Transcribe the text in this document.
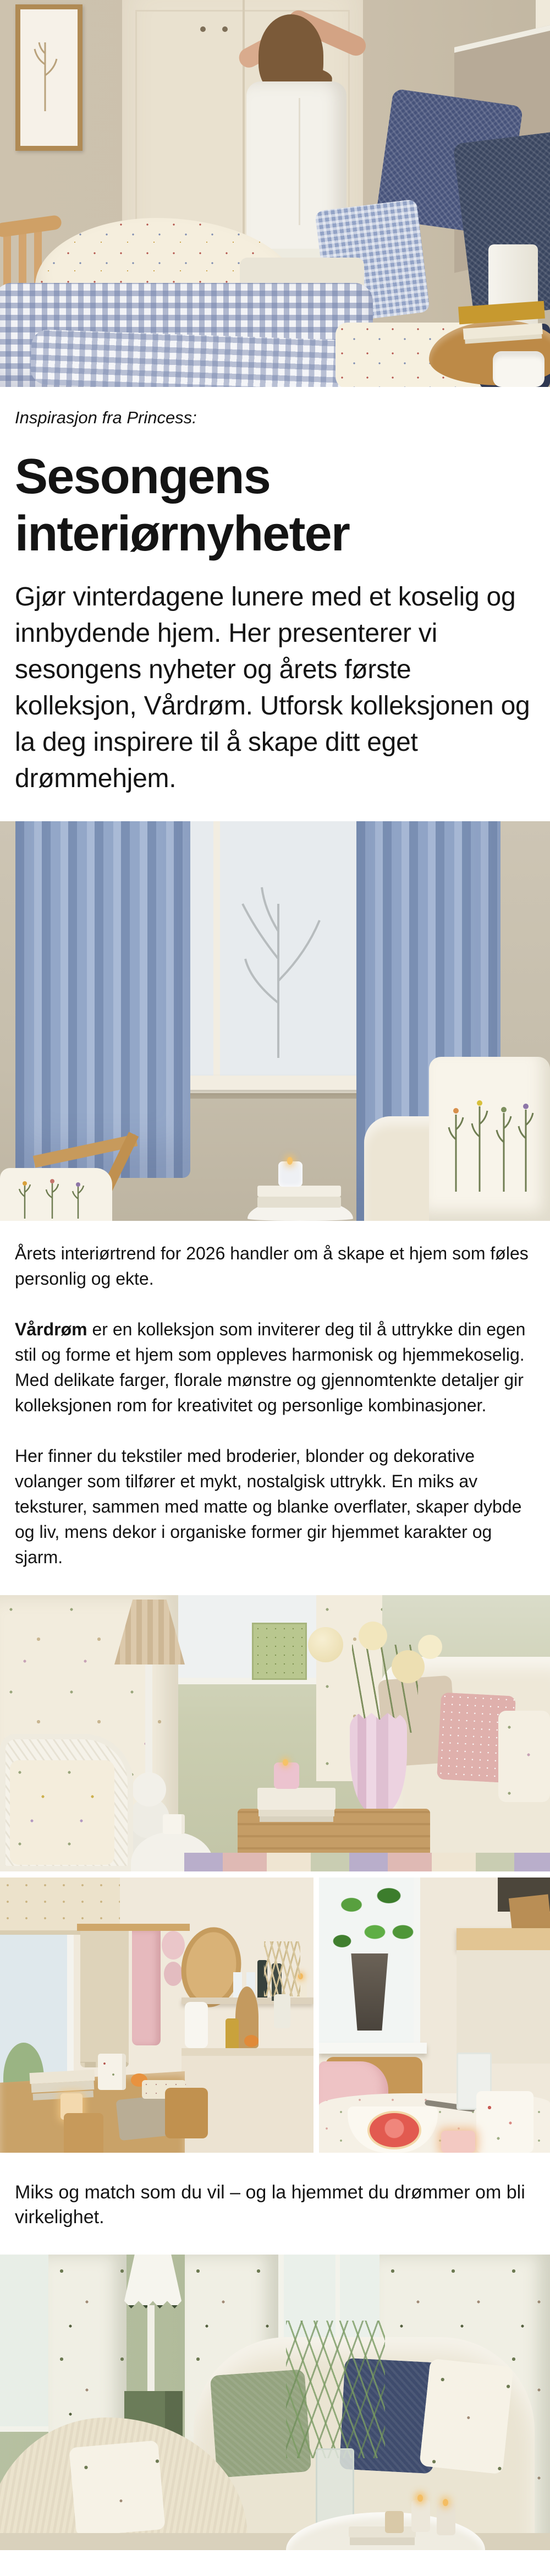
Inspirasjon fra Princess:

Sesongens interiørnyheter

Gjør vinterdagene lunere med et koselig og innbydende hjem. Her presenterer vi sesongens nyheter og årets første kolleksjon, Vårdrøm. Utforsk kolleksjonen og la deg inspirere til å skape ditt eget drømmehjem.

Årets interiørtrend for 2026 handler om å skape et hjem som føles personlig og ekte.

Vårdrøm er en kolleksjon som inviterer deg til å uttrykke din egen stil og forme et hjem som oppleves harmonisk og hjemmekoselig. Med delikate farger, florale mønstre og gjennomtenkte detaljer gir kolleksjonen rom for kreativitet og personlige kombinasjoner.

Her finner du tekstiler med broderier, blonder og dekorative volanger som tilfører et mykt, nostalgisk uttrykk. En miks av teksturer, sammen med matte og blanke overflater, skaper dybde og liv, mens dekor i organiske former gir hjemmet karakter og sjarm.

Miks og match som du vil – og la hjemmet du drømmer om bli virkelighet.
